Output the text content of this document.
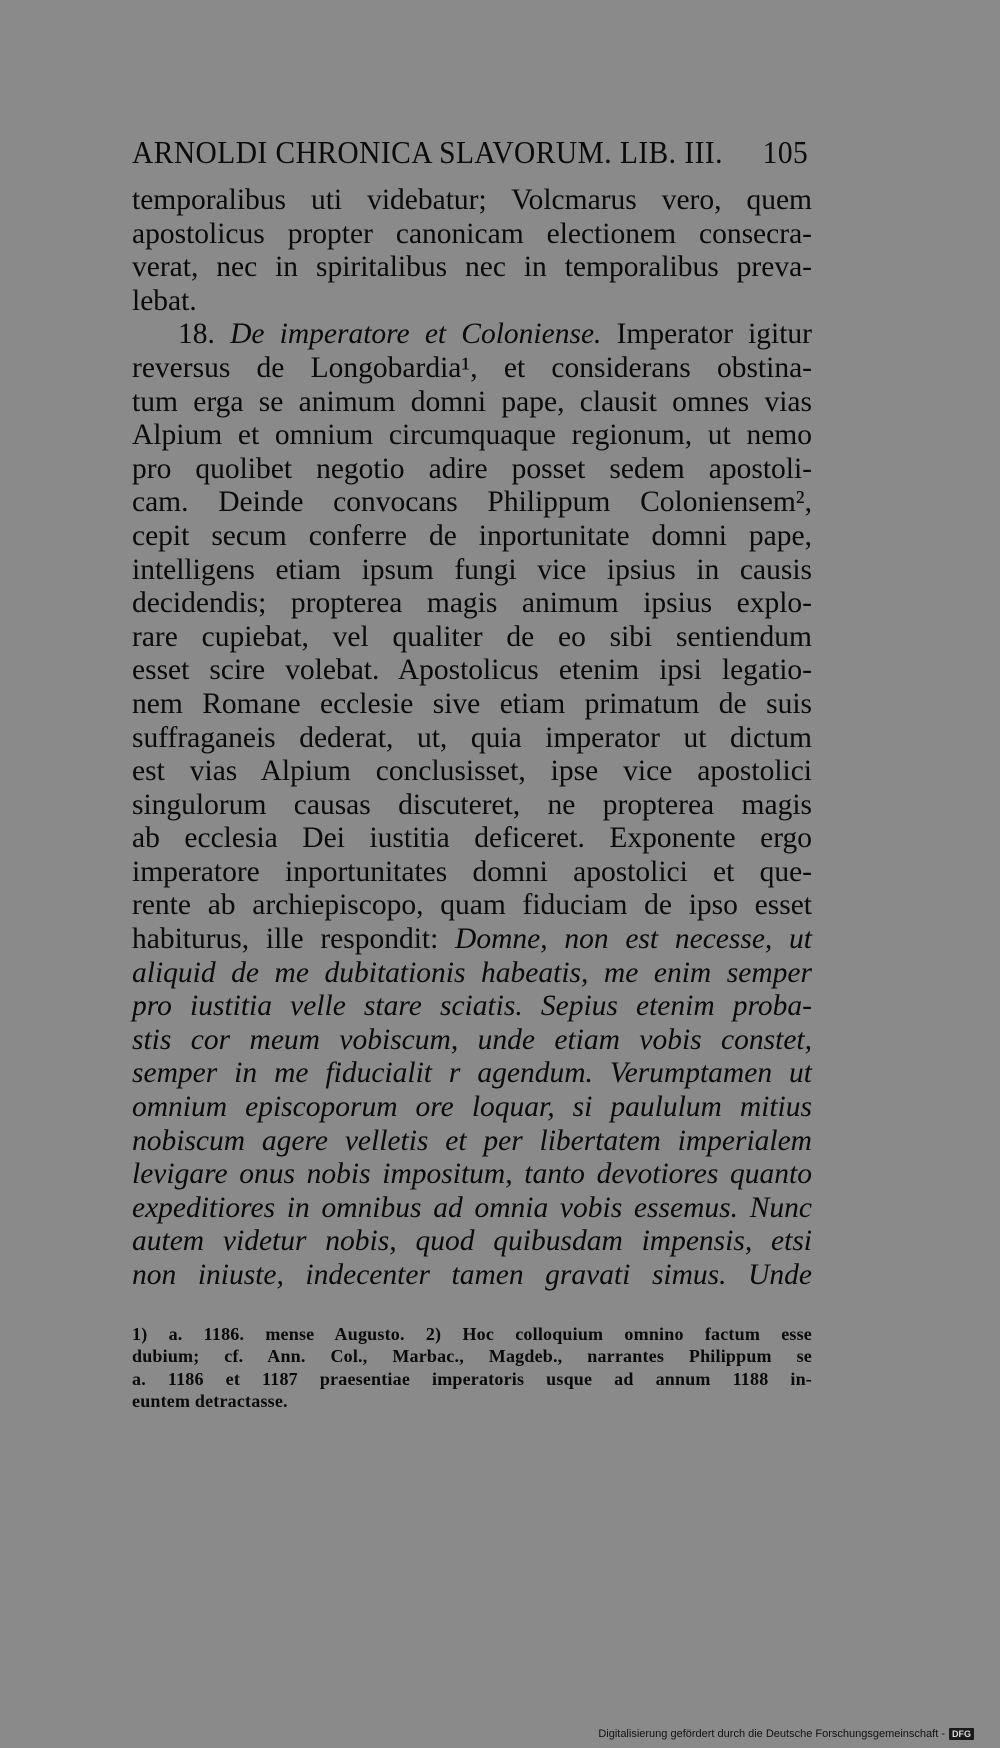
ARNOLDI CHRONICA SLAVORUM. LIB. III. 105
temporalibus uti videbatur; Volcmarus vero, quem
apostolicus propter canonicam electionem consecra-
verat, nec in spiritalibus nec in temporalibus preva-
lebat.
18. De imperatore et Coloniense. Imperator igitur
reversus de Longobardia¹, et considerans obstina-
tum erga se animum domni pape, clausit omnes vias
Alpium et omnium circumquaque regionum, ut nemo
pro quolibet negotio adire posset sedem apostoli-
cam. Deinde convocans Philippum Coloniensem²,
cepit secum conferre de inportunitate domni pape,
intelligens etiam ipsum fungi vice ipsius in causis
decidendis; propterea magis animum ipsius explo-
rare cupiebat, vel qualiter de eo sibi sentiendum
esset scire volebat. Apostolicus etenim ipsi legatio-
nem Romane ecclesie sive etiam primatum de suis
suffraganeis dederat, ut, quia imperator ut dictum
est vias Alpium conclusisset, ipse vice apostolici
singulorum causas discuteret, ne propterea magis
ab ecclesia Dei iustitia deficeret. Exponente ergo
imperatore inportunitates domni apostolici et que-
rente ab archiepiscopo, quam fiduciam de ipso esset
habiturus, ille respondit: Domne, non est necesse, ut
aliquid de me dubitationis habeatis, me enim semper
pro iustitia velle stare sciatis. Sepius etenim proba-
stis cor meum vobiscum, unde etiam vobis constet,
semper in me fiducialit r agendum. Verumptamen ut
omnium episcoporum ore loquar, si paululum mitius
nobiscum agere velletis et per libertatem imperialem
levigare onus nobis impositum, tanto devotiores quanto
expeditiores in omnibus ad omnia vobis essemus. Nunc
autem videtur nobis, quod quibusdam impensis, etsi
non iniuste, indecenter tamen gravati simus. Unde
1) a. 1186. mense Augusto. 2) Hoc colloquium omnino factum esse
dubium; cf. Ann. Col., Marbac., Magdeb., narrantes Philippum se
a. 1186 et 1187 praesentiae imperatoris usque ad annum 1188 in-
euntem detractasse.
Digitalisierung gefördert durch die Deutsche Forschungsgemeinschaft - DFG
